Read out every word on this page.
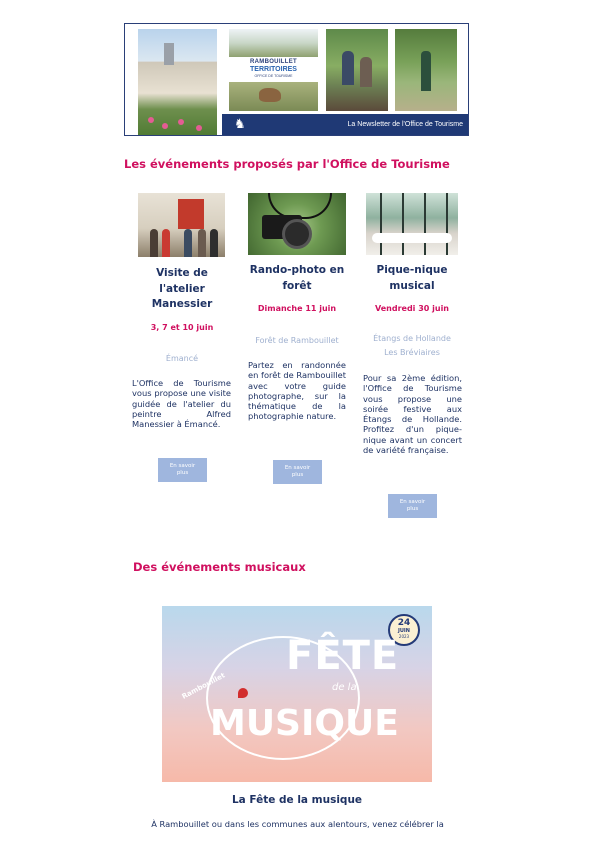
RAMBOUILLET
TERRITOIRES
OFFICE DE TOURISME
♞	La Newsletter de l'Office de Tourisme
Les événements proposés par l'Office de Tourisme
Visite de
l'atelier
Manessier
3, 7 et 10 juin
Émancé
L'Office de Tourisme vous propose une visite guidée de l'atelier du peintre Alfred Manessier à Émancé.
En savoir
plus
Rando-photo en
forêt
Dimanche 11 juin
Forêt de Rambouillet
Partez en randonnée en forêt de Rambouillet avec votre guide photographe, sur la thématique de la photographie nature.
En savoir
plus
Pique-nique
musical
Vendredi 30 juin
Étangs de Hollande
Les Bréviaires
Pour sa 2ème édition, l'Office de Tourisme vous propose une soirée festive aux Étangs de Hollande. Profitez d'un pique-nique avant un concert de variété française.
En savoir
plus
Des événements musicaux
24
JUIN
2023
FÊTE
de la
MUSIQUE
Rambouillet
La Fête de la musique
À Rambouillet ou dans les communes aux alentours, venez célébrer la
